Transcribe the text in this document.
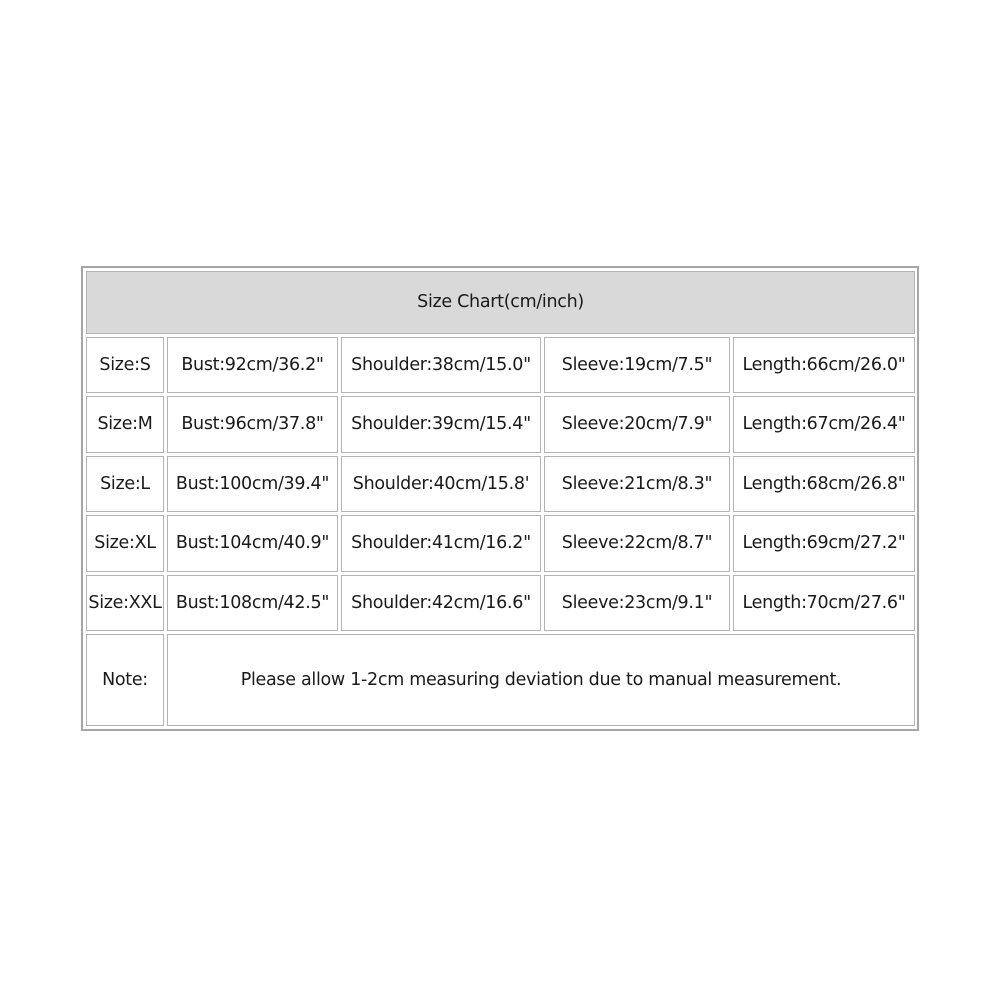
Size Chart(cm/inch)				
Size:S	Bust:92cm/36.2"	Shoulder:38cm/15.0"	Sleeve:19cm/7.5"	Length:66cm/26.0"
Size:M	Bust:96cm/37.8"	Shoulder:39cm/15.4"	Sleeve:20cm/7.9"	Length:67cm/26.4"
Size:L	Bust:100cm/39.4"	Shoulder:40cm/15.8'	Sleeve:21cm/8.3"	Length:68cm/26.8"
Size:XL	Bust:104cm/40.9"	Shoulder:41cm/16.2"	Sleeve:22cm/8.7"	Length:69cm/27.2"
Size:XXL	Bust:108cm/42.5"	Shoulder:42cm/16.6"	Sleeve:23cm/9.1"	Length:70cm/27.6"
Note:	Please allow 1-2cm measuring deviation due to manual measurement.			
